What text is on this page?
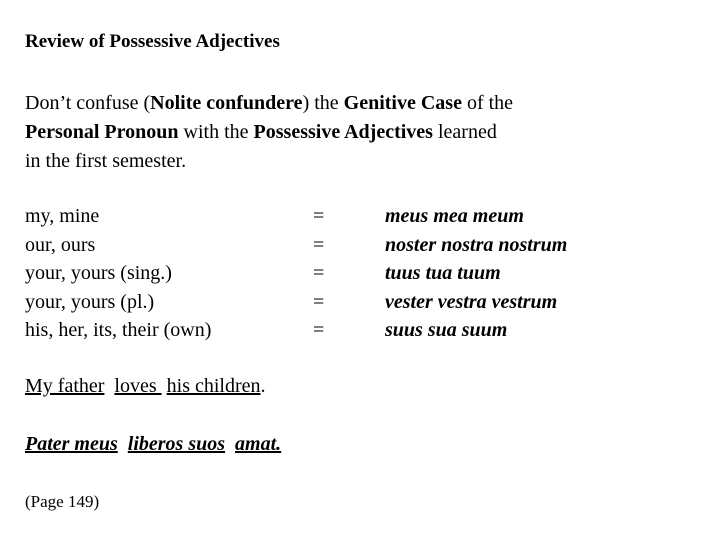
Review of Possessive Adjectives
Don’t confuse (Nolite confundere) the Genitive Case of the
Personal Pronoun with the Possessive Adjectives learned
in the first semester.
my, mine	=	meus mea meum
our, ours	=	noster nostra nostrum
your, yours (sing.)	=	tuus tua tuum
your, yours (pl.)	=	vester vestra vestrum
his, her, its, their (own)	=	suus sua suum
My father loves  his children.
Pater meus liberos suos amat.
(Page 149)
